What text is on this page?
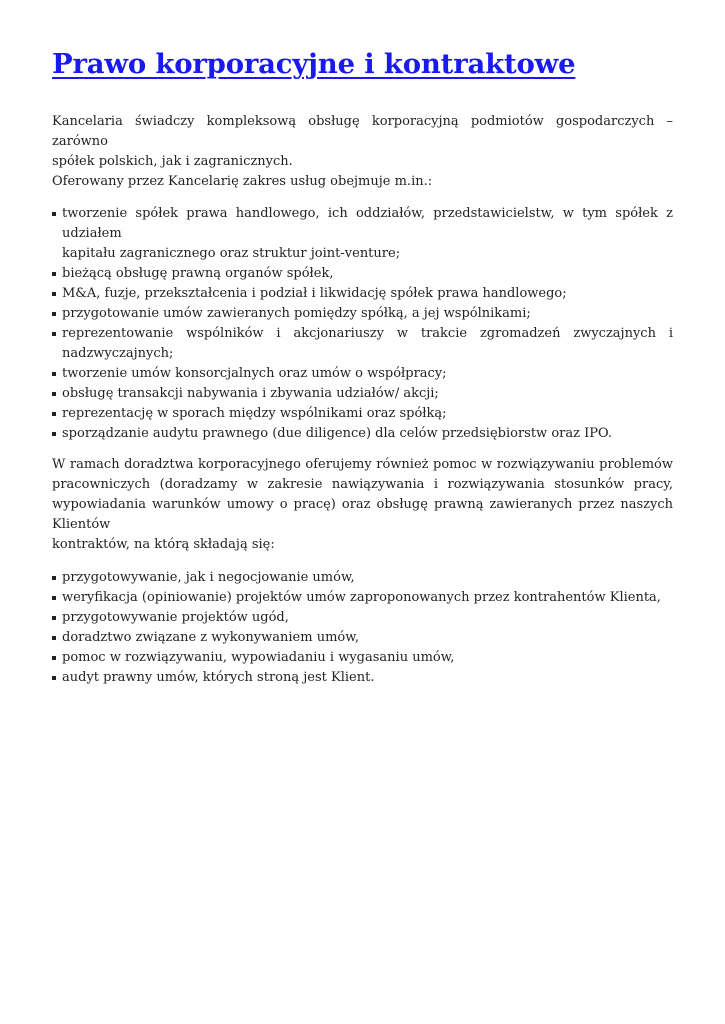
Prawo korporacyjne i kontraktowe
Kancelaria świadczy kompleksową obsługę korporacyjną podmiotów gospodarczych – zarówno
spółek polskich, jak i zagranicznych.
Oferowany przez Kancelarię zakres usług obejmuje m.in.:
tworzenie spółek prawa handlowego, ich oddziałów, przedstawicielstw, w tym spółek z udziałem
kapitału zagranicznego oraz struktur joint-venture;
bieżącą obsługę prawną organów spółek,
M&A, fuzje, przekształcenia i podział i likwidację spółek prawa handlowego;
przygotowanie umów zawieranych pomiędzy spółką, a jej wspólnikami;
reprezentowanie wspólników i akcjonariuszy w trakcie zgromadzeń zwyczajnych i nadzwyczajnych;
tworzenie umów konsorcjalnych oraz umów o współpracy;
obsługę transakcji nabywania i zbywania udziałów/ akcji;
reprezentację w sporach między wspólnikami oraz spółką;
sporządzanie audytu prawnego (due diligence) dla celów przedsiębiorstw oraz IPO.
W ramach doradztwa korporacyjnego oferujemy również pomoc w rozwiązywaniu problemów
pracowniczych (doradzamy w zakresie nawiązywania i rozwiązywania stosunków pracy,
wypowiadania warunków umowy o pracę) oraz obsługę prawną zawieranych przez naszych Klientów
kontraktów, na którą składają się:
przygotowywanie, jak i negocjowanie umów,
weryfikacja (opiniowanie) projektów umów zaproponowanych przez kontrahentów Klienta,
przygotowywanie projektów ugód,
doradztwo związane z wykonywaniem umów,
pomoc w rozwiązywaniu, wypowiadaniu i wygasaniu umów,
audyt prawny umów, których stroną jest Klient.
